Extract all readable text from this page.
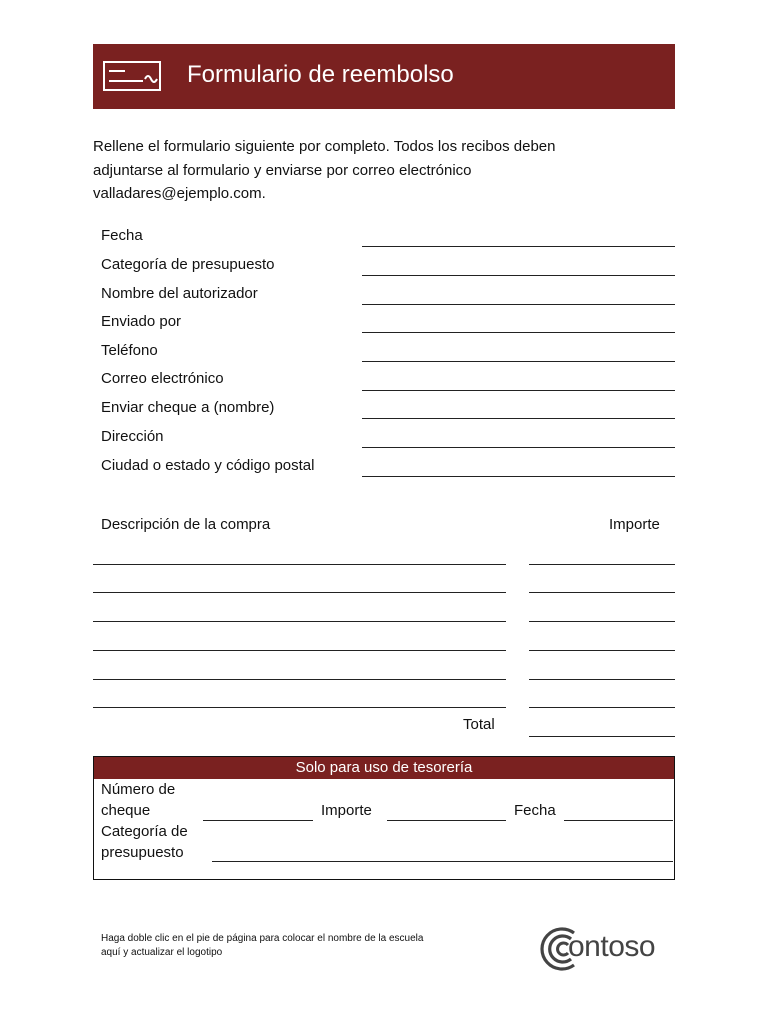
Formulario de reembolso

Rellene el formulario siguiente por completo. Todos los recibos deben

adjuntarse al formulario y enviarse por correo electrónico

valladares@ejemplo.com.

Fecha
Categoría de presupuesto
Nombre del autorizador
Enviado por
Teléfono
Correo electrónico
Enviar cheque a (nombre)
Dirección
Ciudad o estado y código postal
Descripción de la compra	Importe
Total
Solo para uso de tesorería
Número de
cheque	Importe	Fecha
Categoría de
presupuesto
Haga doble clic en el pie de página para colocar el nombre de la escuela
aquí y actualizar el logotipo	ontoso
